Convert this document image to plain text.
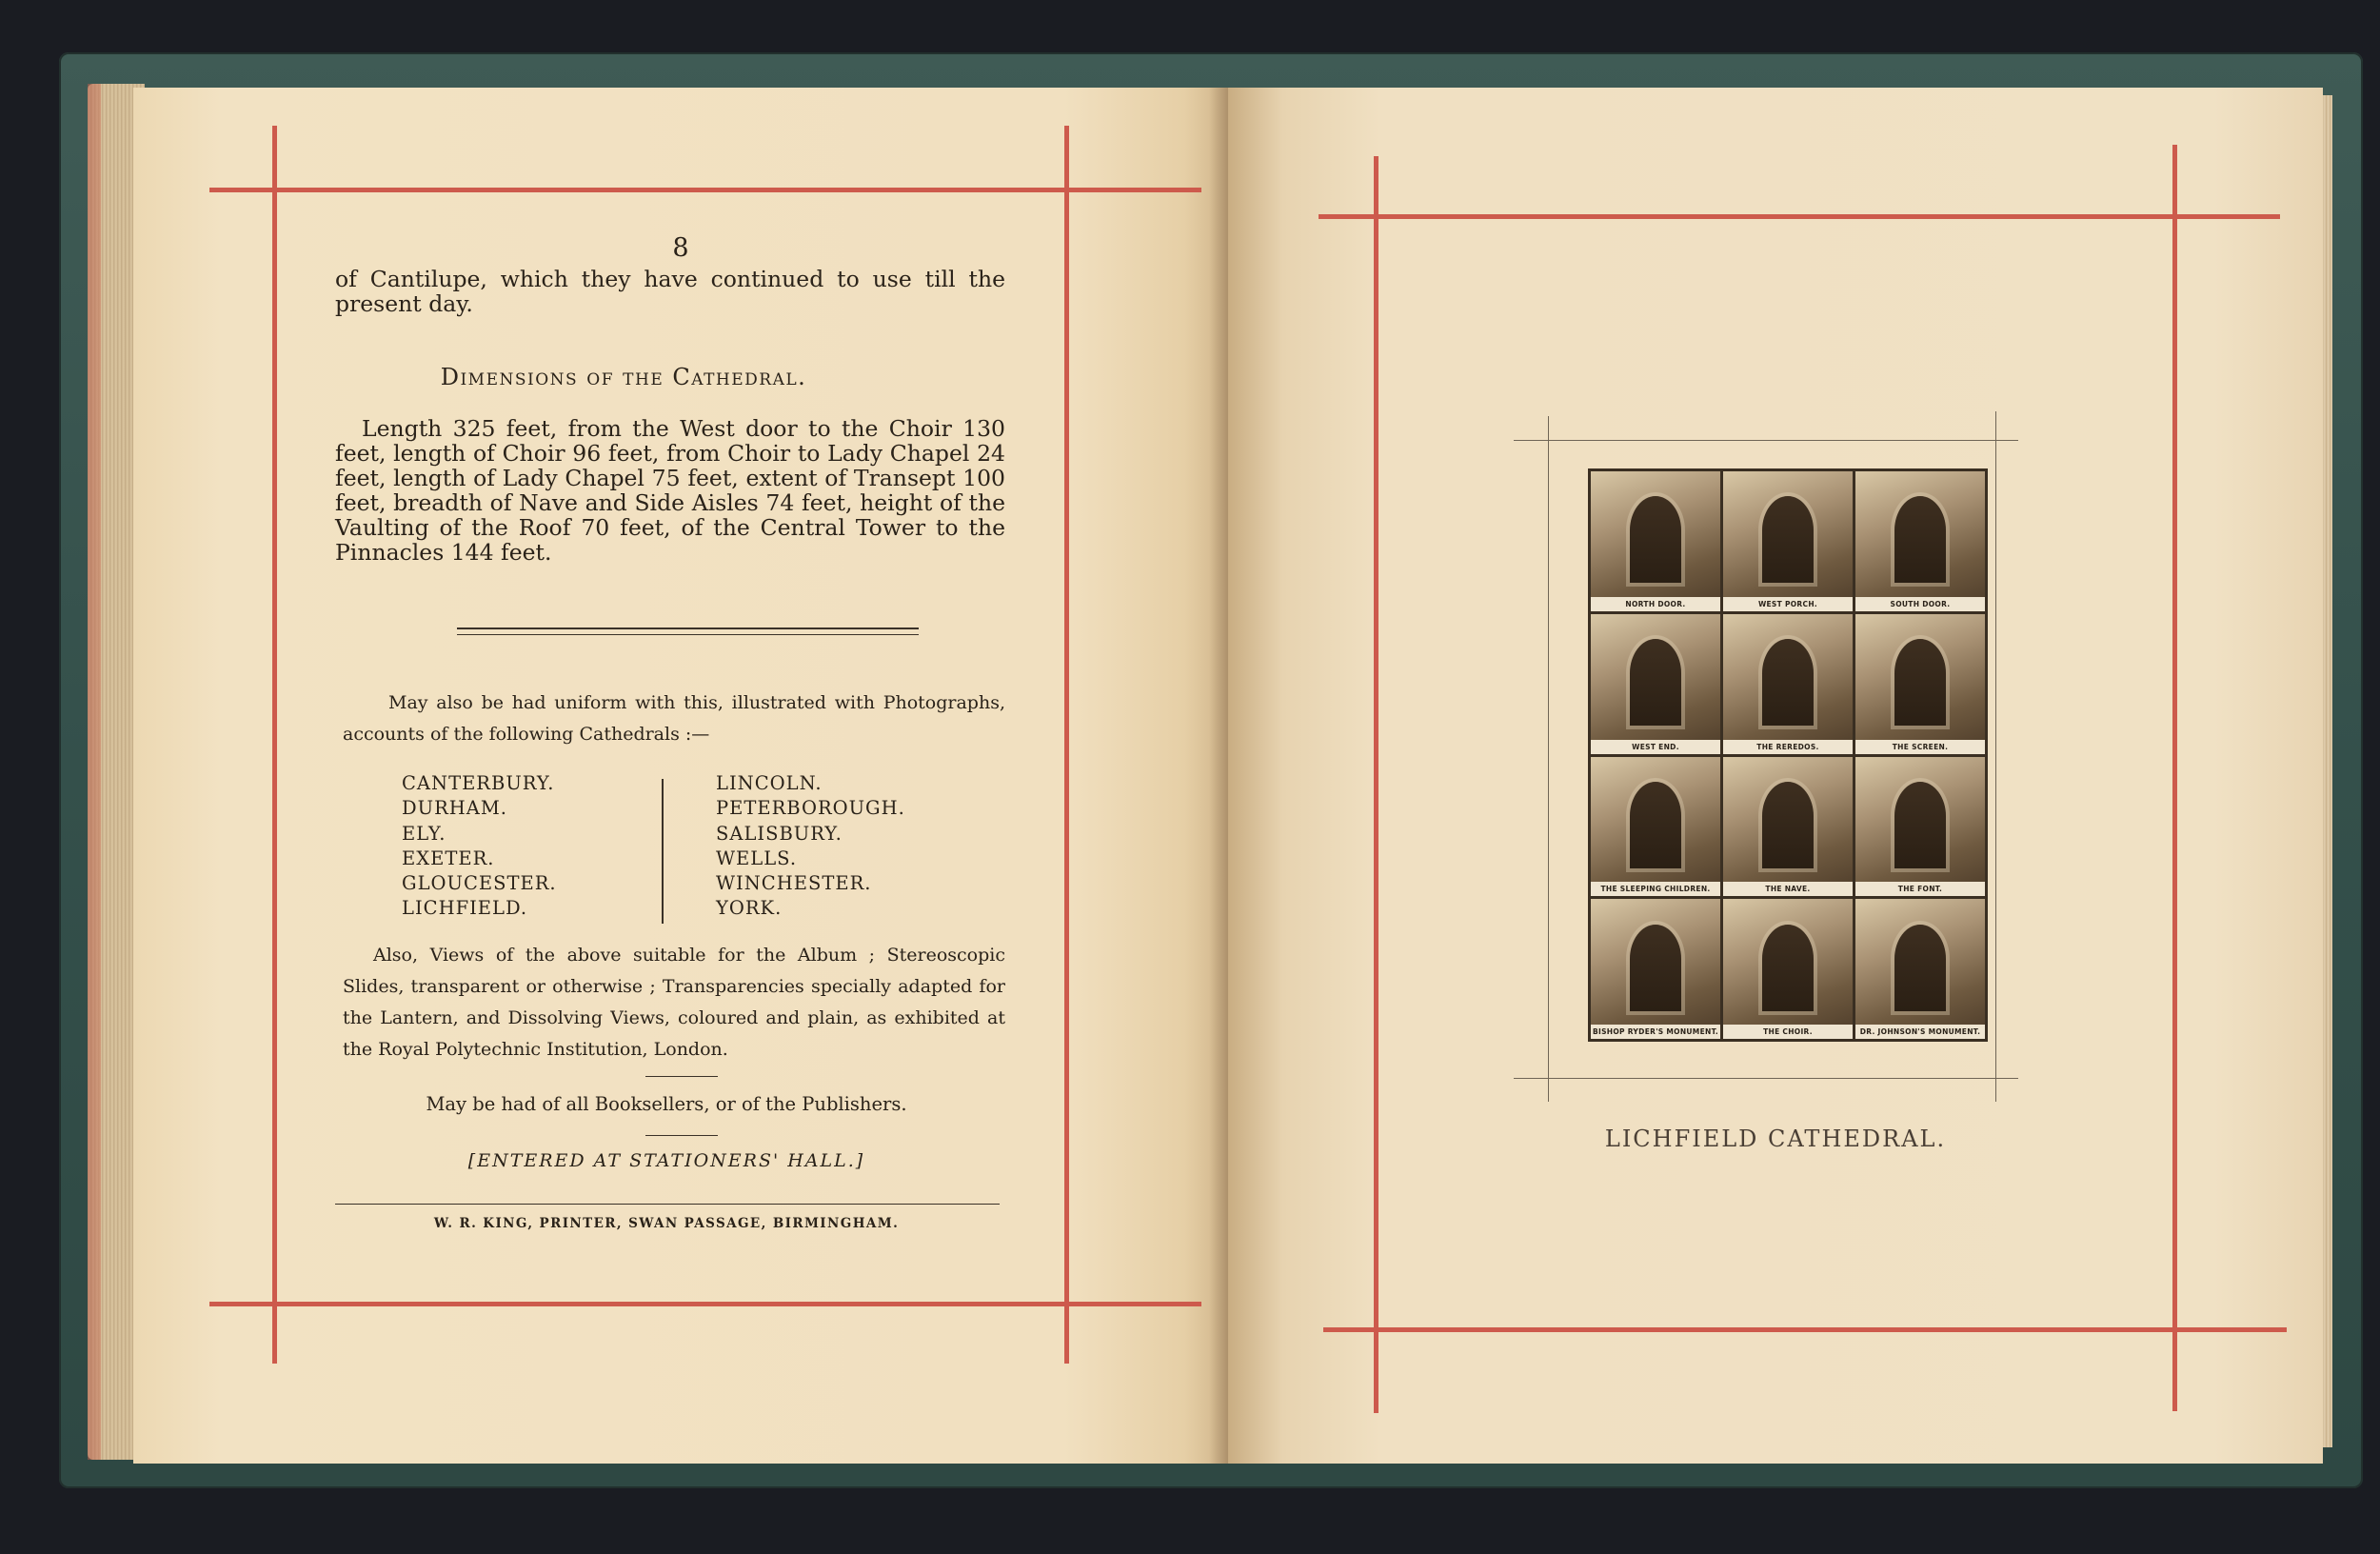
8

of Cantilupe, which they have continued to use till the present day.

Dimensions of the Cathedral.

Length 325 feet, from the West door to the Choir 130 feet, length of Choir 96 feet, from Choir to Lady Chapel 24 feet, length of Lady Chapel 75 feet, extent of Transept 100 feet, breadth of Nave and Side Aisles 74 feet, height of the Vaulting of the Roof 70 feet, of the Central Tower to the Pinnacles 144 feet.

May also be had uniform with this, illustrated with Photographs, accounts of the following Cathedrals :—

CANTERBURY.
DURHAM.
ELY.
EXETER.
GLOUCESTER.
LICHFIELD.
LINCOLN.
PETERBOROUGH.
SALISBURY.
WELLS.
WINCHESTER.
YORK.

Also, Views of the above suitable for the Album ; Stereoscopic Slides, transparent or otherwise ; Transparencies specially adapted for the Lantern, and Dissolving Views, coloured and plain, as exhibited at the Royal Polytechnic Institution, London.

May be had of all Booksellers, or of the Publishers.

[ENTERED AT STATIONERS' HALL.]

W. R. KING, PRINTER, SWAN PASSAGE, BIRMINGHAM.

NORTH DOOR.	WEST PORCH.	SOUTH DOOR.
WEST END.	THE REREDOS.	THE SCREEN.
THE SLEEPING CHILDREN.	THE NAVE.	THE FONT.
BISHOP RYDER'S MONUMENT.	THE CHOIR.	DR. JOHNSON'S MONUMENT.

LICHFIELD CATHEDRAL.
